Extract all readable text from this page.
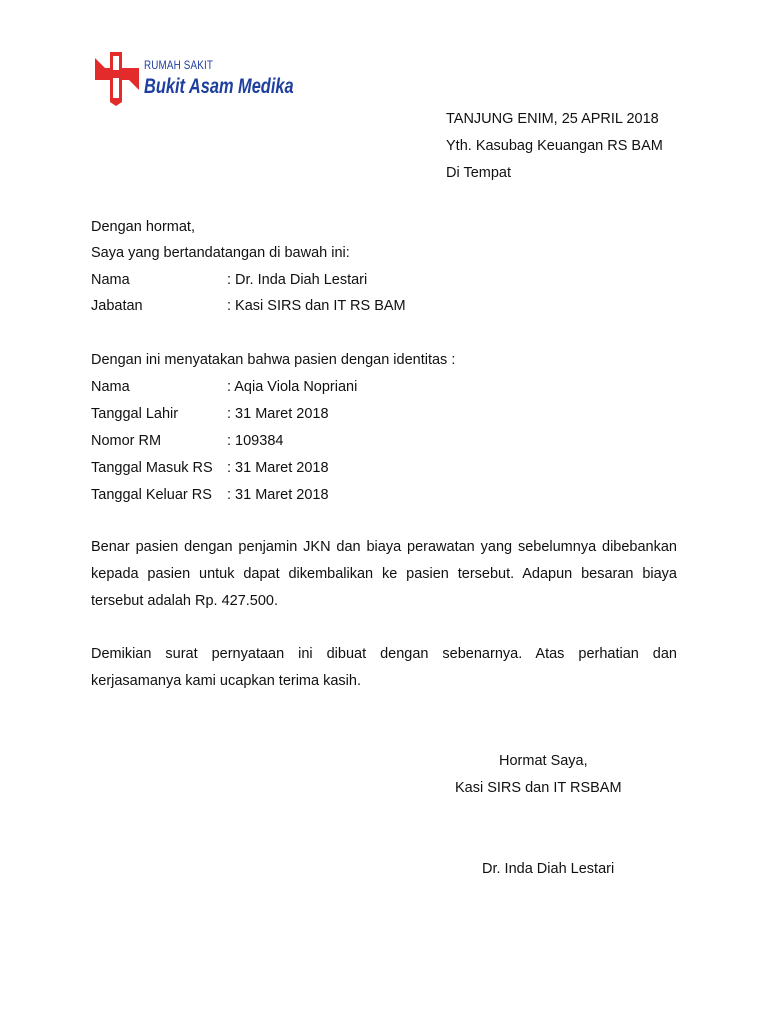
RUMAH SAKIT
Bukit Asam Medika
TANJUNG ENIM, 25 APRIL 2018
Yth. Kasubag Keuangan RS BAM
Di Tempat
Dengan hormat,
Saya yang bertandatangan di bawah ini:
Nama	: Dr. Inda Diah Lestari
Jabatan	: Kasi SIRS dan IT RS BAM
Dengan ini menyatakan bahwa pasien dengan identitas :
Nama	: Aqia Viola Nopriani
Tanggal Lahir	: 31 Maret 2018
Nomor RM	: 109384
Tanggal Masuk RS : 31 Maret 2018
Tanggal Keluar RS : 31 Maret 2018
Benar pasien dengan penjamin JKN dan biaya perawatan yang sebelumnya dibebankan
kepada pasien untuk dapat dikembalikan ke pasien tersebut. Adapun besaran biaya
tersebut adalah Rp. 427.500.
Demikian surat pernyataan ini dibuat dengan sebenarnya. Atas perhatian dan
kerjasamanya kami ucapkan terima kasih.
Hormat Saya,
Kasi SIRS dan IT RSBAM
Dr. Inda Diah Lestari
